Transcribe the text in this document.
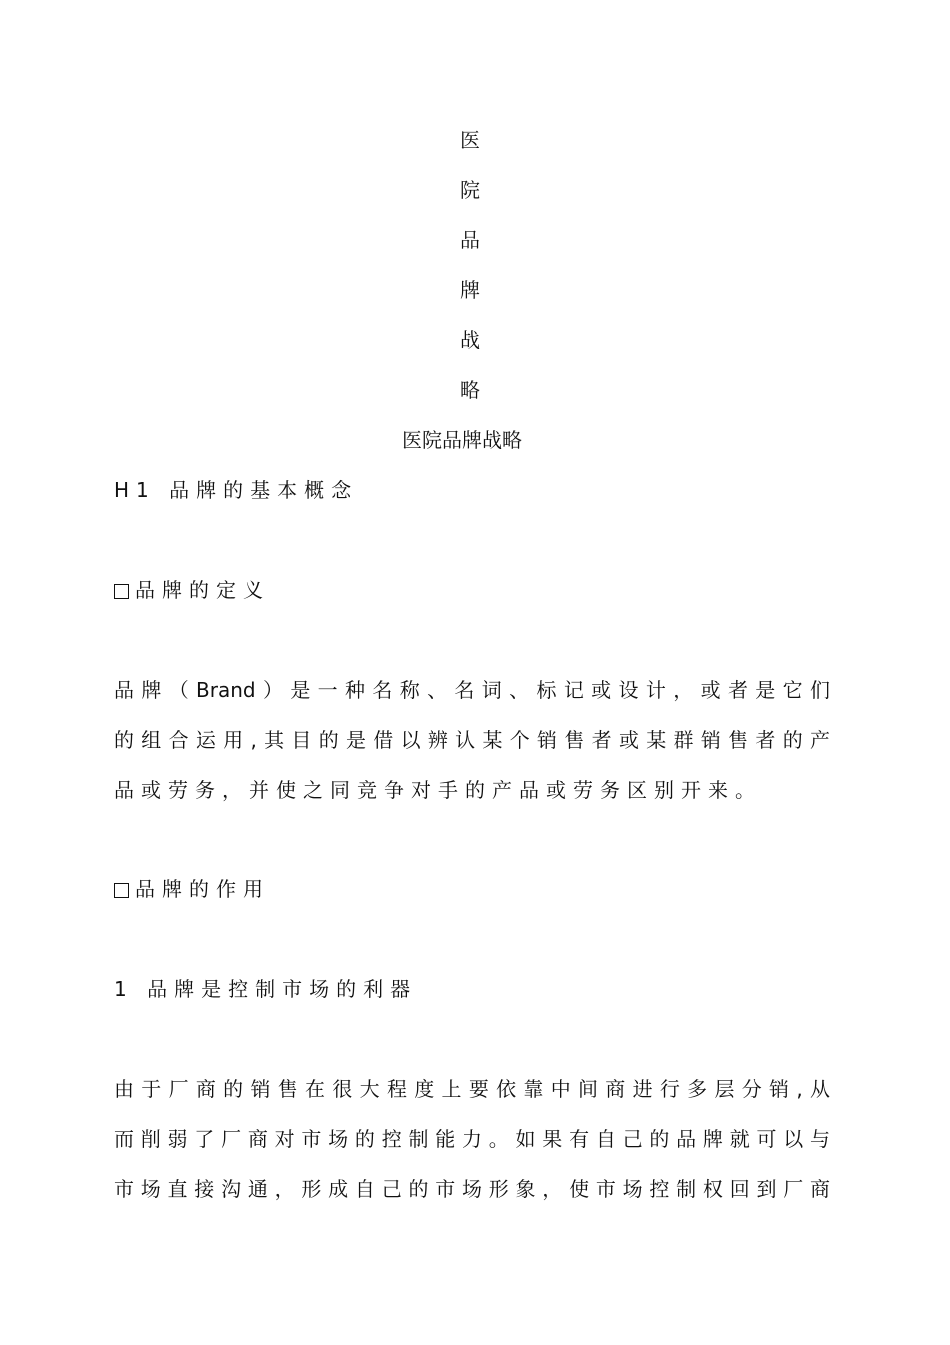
医
院
品
牌
战
略
医院品牌战略
H1 品牌的基本概念
品牌的定义
品牌（Brand）是一种名称、名词、标记或设计，或者是它们
的组合运用,其目的是借以辨认某个销售者或某群销售者的产
品或劳务，并使之同竞争对手的产品或劳务区别开来。
品牌的作用
1 品牌是控制市场的利器
由于厂商的销售在很大程度上要依靠中间商进行多层分销,从
而削弱了厂商对市场的控制能力。如果有自己的品牌就可以与
市场直接沟通，形成自己的市场形象，使市场控制权回到厂商
